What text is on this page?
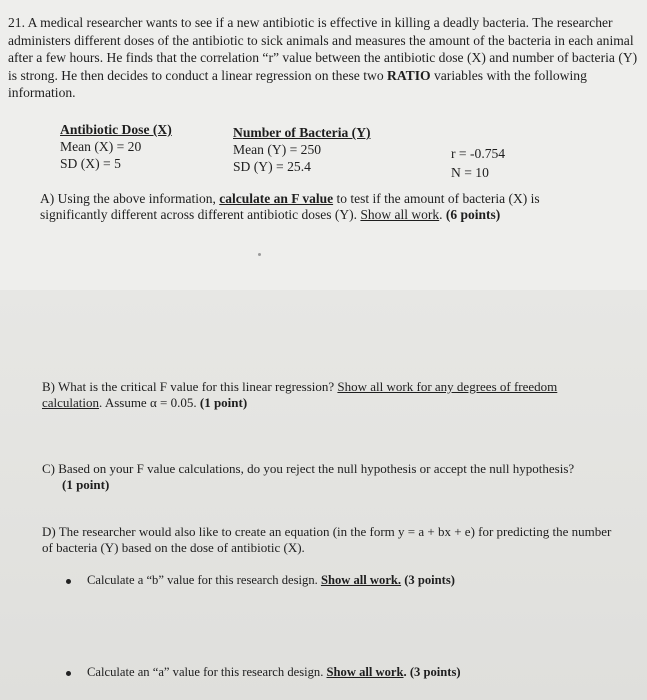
21. A medical researcher wants to see if a new antibiotic is effective in killing a deadly bacteria. The researcher administers different doses of the antibiotic to sick animals and measures the amount of the bacteria in each animal after a few hours. He finds that the correlation “r” value between the antibiotic dose (X) and number of bacteria (Y) is strong. He then decides to conduct a linear regression on these two RATIO variables with the following information.

Antibiotic Dose (X)
Mean (X) = 20
SD (X) = 5
Number of Bacteria (Y)
Mean (Y) = 250
SD (Y) = 25.4
r = -0.754
N = 10

A) Using the above information, calculate an F value to test if the amount of bacteria (X) is significantly different across different antibiotic doses (Y). Show all work. (6 points)

B) What is the critical F value for this linear regression? Show all work for any degrees of freedom calculation. Assume α = 0.05. (1 point)

C) Based on your F value calculations, do you reject the null hypothesis or accept the null hypothesis?
(1 point)

D) The researcher would also like to create an equation (in the form y = a + bx + e) for predicting the number of bacteria (Y) based on the dose of antibiotic (X).

Calculate a “b” value for this research design. Show all work. (3 points)
Calculate an “a” value for this research design. Show all work. (3 points)
